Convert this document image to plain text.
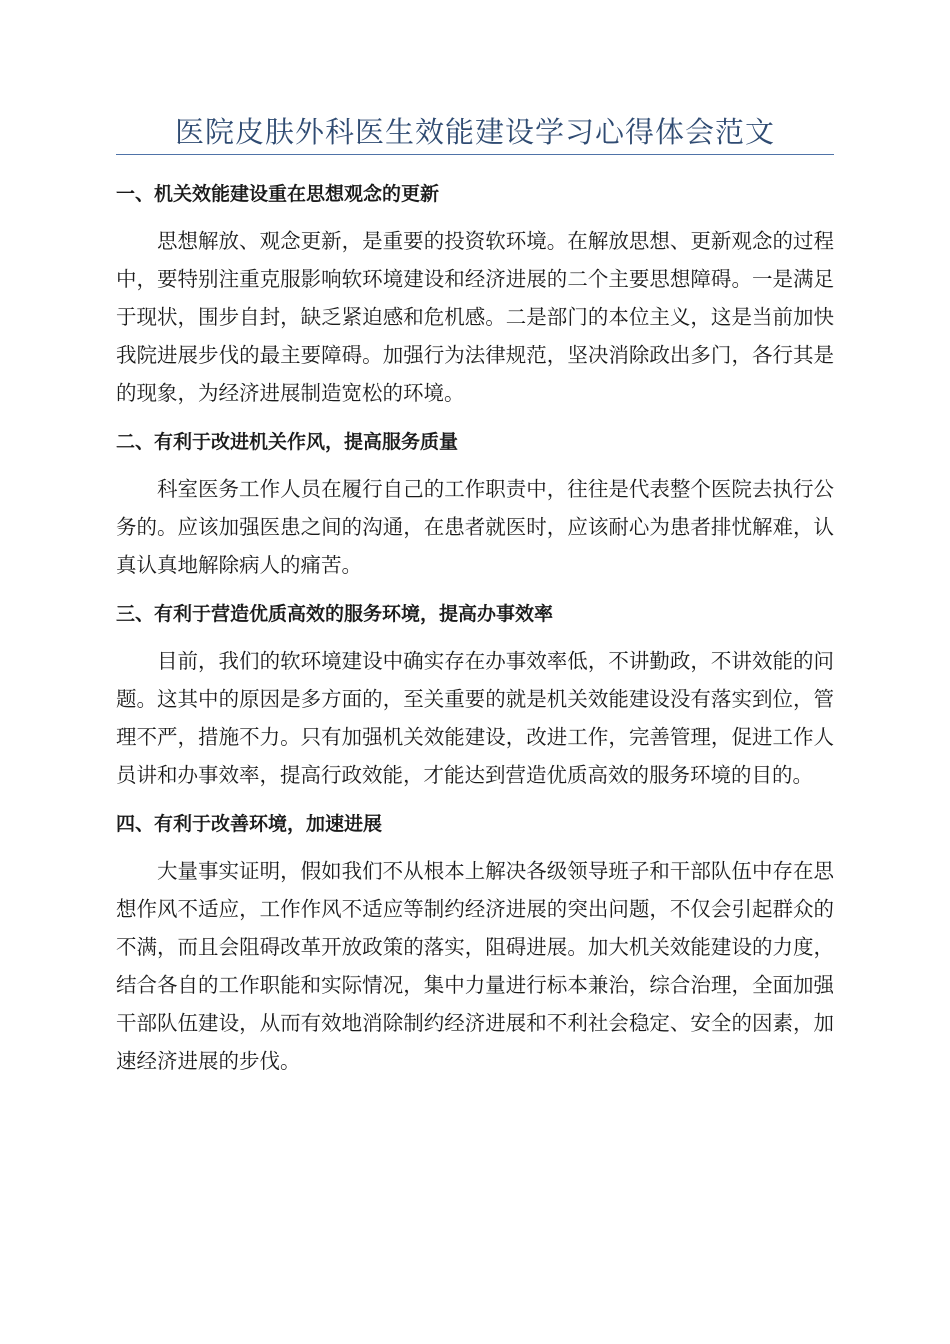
医院皮肤外科医生效能建设学习心得体会范文
一、机关效能建设重在思想观念的更新

思想解放、观念更新，是重要的投资软环境。在解放思想、更新观念的过程中，要特别注重克服影响软环境建设和经济进展的二个主要思想障碍。一是满足于现状，围步自封，缺乏紧迫感和危机感。二是部门的本位主义，这是当前加快我院进展步伐的最主要障碍。加强行为法律规范，坚决消除政出多门，各行其是的现象，为经济进展制造宽松的环境。

二、有利于改进机关作风，提高服务质量

科室医务工作人员在履行自己的工作职责中，往往是代表整个医院去执行公务的。应该加强医患之间的沟通，在患者就医时，应该耐心为患者排忧解难，认真认真地解除病人的痛苦。

三、有利于营造优质高效的服务环境，提高办事效率

目前，我们的软环境建设中确实存在办事效率低，不讲勤政，不讲效能的问题。这其中的原因是多方面的，至关重要的就是机关效能建设没有落实到位，管理不严，措施不力。只有加强机关效能建设，改进工作，完善管理，促进工作人员讲和办事效率，提高行政效能，才能达到营造优质高效的服务环境的目的。

四、有利于改善环境，加速进展

大量事实证明，假如我们不从根本上解决各级领导班子和干部队伍中存在思想作风不适应，工作作风不适应等制约经济进展的突出问题，不仅会引起群众的不满，而且会阻碍改革开放政策的落实，阻碍进展。加大机关效能建设的力度，结合各自的工作职能和实际情况，集中力量进行标本兼治，综合治理，全面加强干部队伍建设，从而有效地消除制约经济进展和不利社会稳定、安全的因素，加速经济进展的步伐。
